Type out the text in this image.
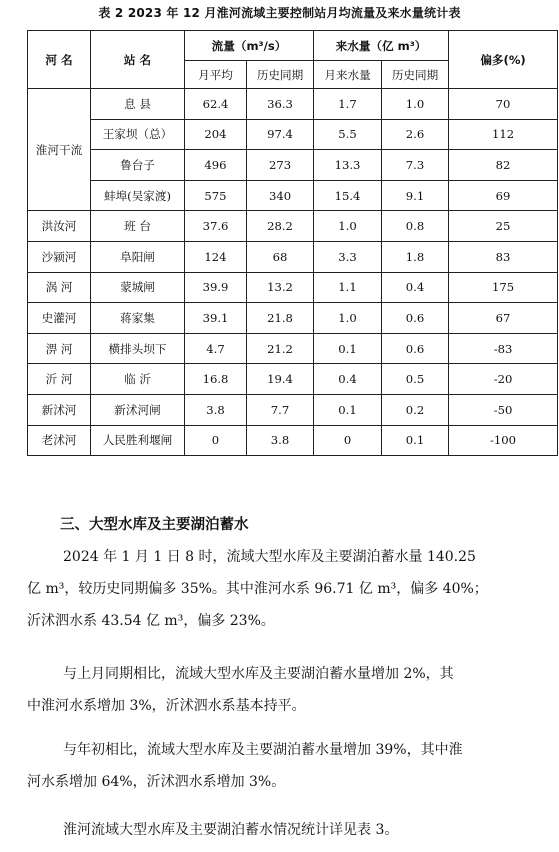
表 2 2023 年 12 月淮河流域主要控制站月均流量及来水量统计表
河 名	站 名	流量（m³/s）		来水量（亿 m³）		偏多(%)
		月平均	历史同期	月来水量	历史同期	
淮河干流	息 县	62.4	36.3	1.7	1.0	70
	王家坝（总）	204	97.4	5.5	2.6	112
	鲁台子	496	273	13.3	7.3	82
	蚌埠(吴家渡)	575	340	15.4	9.1	69
洪汝河	班 台	37.6	28.2	1.0	0.8	25
沙颍河	阜阳闸	124	68	3.3	1.8	83
涡 河	蒙城闸	39.9	13.2	1.1	0.4	175
史灌河	蒋家集	39.1	21.8	1.0	0.6	67
淠 河	横排头坝下	4.7	21.2	0.1	0.6	-83
沂 河	临 沂	16.8	19.4	0.4	0.5	-20
新沭河	新沭河闸	3.8	7.7	0.1	0.2	-50
老沭河	人民胜利堰闸	0	3.8	0	0.1	-100
三、大型水库及主要湖泊蓄水
2024 年 1 月 1 日 8 时，流域大型水库及主要湖泊蓄水量 140.25
亿 m³，较历史同期偏多 35%。其中淮河水系 96.71 亿 m³，偏多 40%；
沂沭泗水系 43.54 亿 m³，偏多 23%。
与上月同期相比，流域大型水库及主要湖泊蓄水量增加 2%，其
中淮河水系增加 3%，沂沭泗水系基本持平。
与年初相比，流域大型水库及主要湖泊蓄水量增加 39%，其中淮
河水系增加 64%，沂沭泗水系增加 3%。
淮河流域大型水库及主要湖泊蓄水情况统计详见表 3。
